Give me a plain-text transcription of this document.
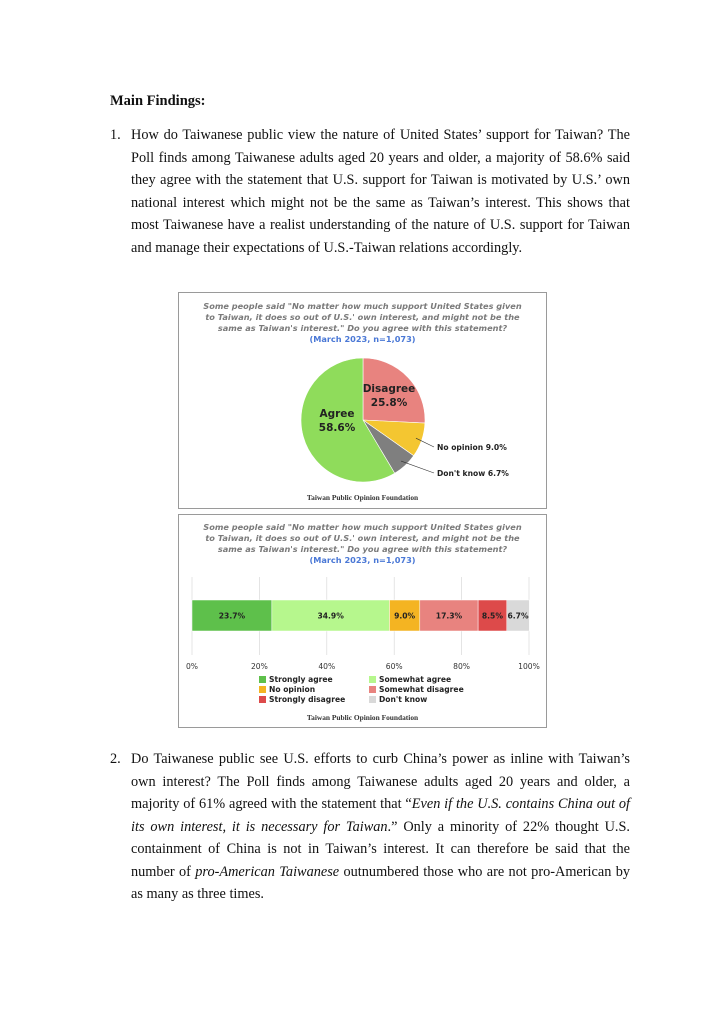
Main Findings:
1. How do Taiwanese public view the nature of United States’ support for Taiwan? The Poll finds among Taiwanese adults aged 20 years and older, a majority of 58.6% said they agree with the statement that U.S. support for Taiwan is motivated by U.S.’ own national interest which might not be the same as Taiwan’s interest. This shows that most Taiwanese have a realist understanding of the nature of U.S. support for Taiwan and manage their expectations of U.S.-Taiwan relations accordingly.
Some people said "No matter how much support United States given to Taiwan, it does so out of U.S.' own interest, and might not be the same as Taiwan's interest." Do you agree with this statement?
(March 2023, n=1,073)
Disagree
25.8%
Agree
58.6%
No opinion 9.0%
Don't know 6.7%
Taiwan Public Opinion Foundation
Some people said "No matter how much support United States given to Taiwan, it does so out of U.S.' own interest, and might not be the same as Taiwan's interest." Do you agree with this statement?
(March 2023, n=1,073)
0%	20%	40%	60%	80%	100%
23.7%	34.9%	9.0%	17.3%	8.5% 6.7%
Strongly agree	Somewhat agree
No opinion	Somewhat disagree
Strongly disagree	Don't know
Taiwan Public Opinion Foundation
2. Do Taiwanese public see U.S. efforts to curb China’s power as inline with Taiwan’s own interest? The Poll finds among Taiwanese adults aged 20 years and older, a majority of 61% agreed with the statement that “Even if the U.S. contains China out of its own interest, it is necessary for Taiwan.” Only a minority of 22% thought U.S. containment of China is not in Taiwan’s interest. It can therefore be said that the number of pro-American Taiwanese outnumbered those who are not pro-American by as many as three times.
